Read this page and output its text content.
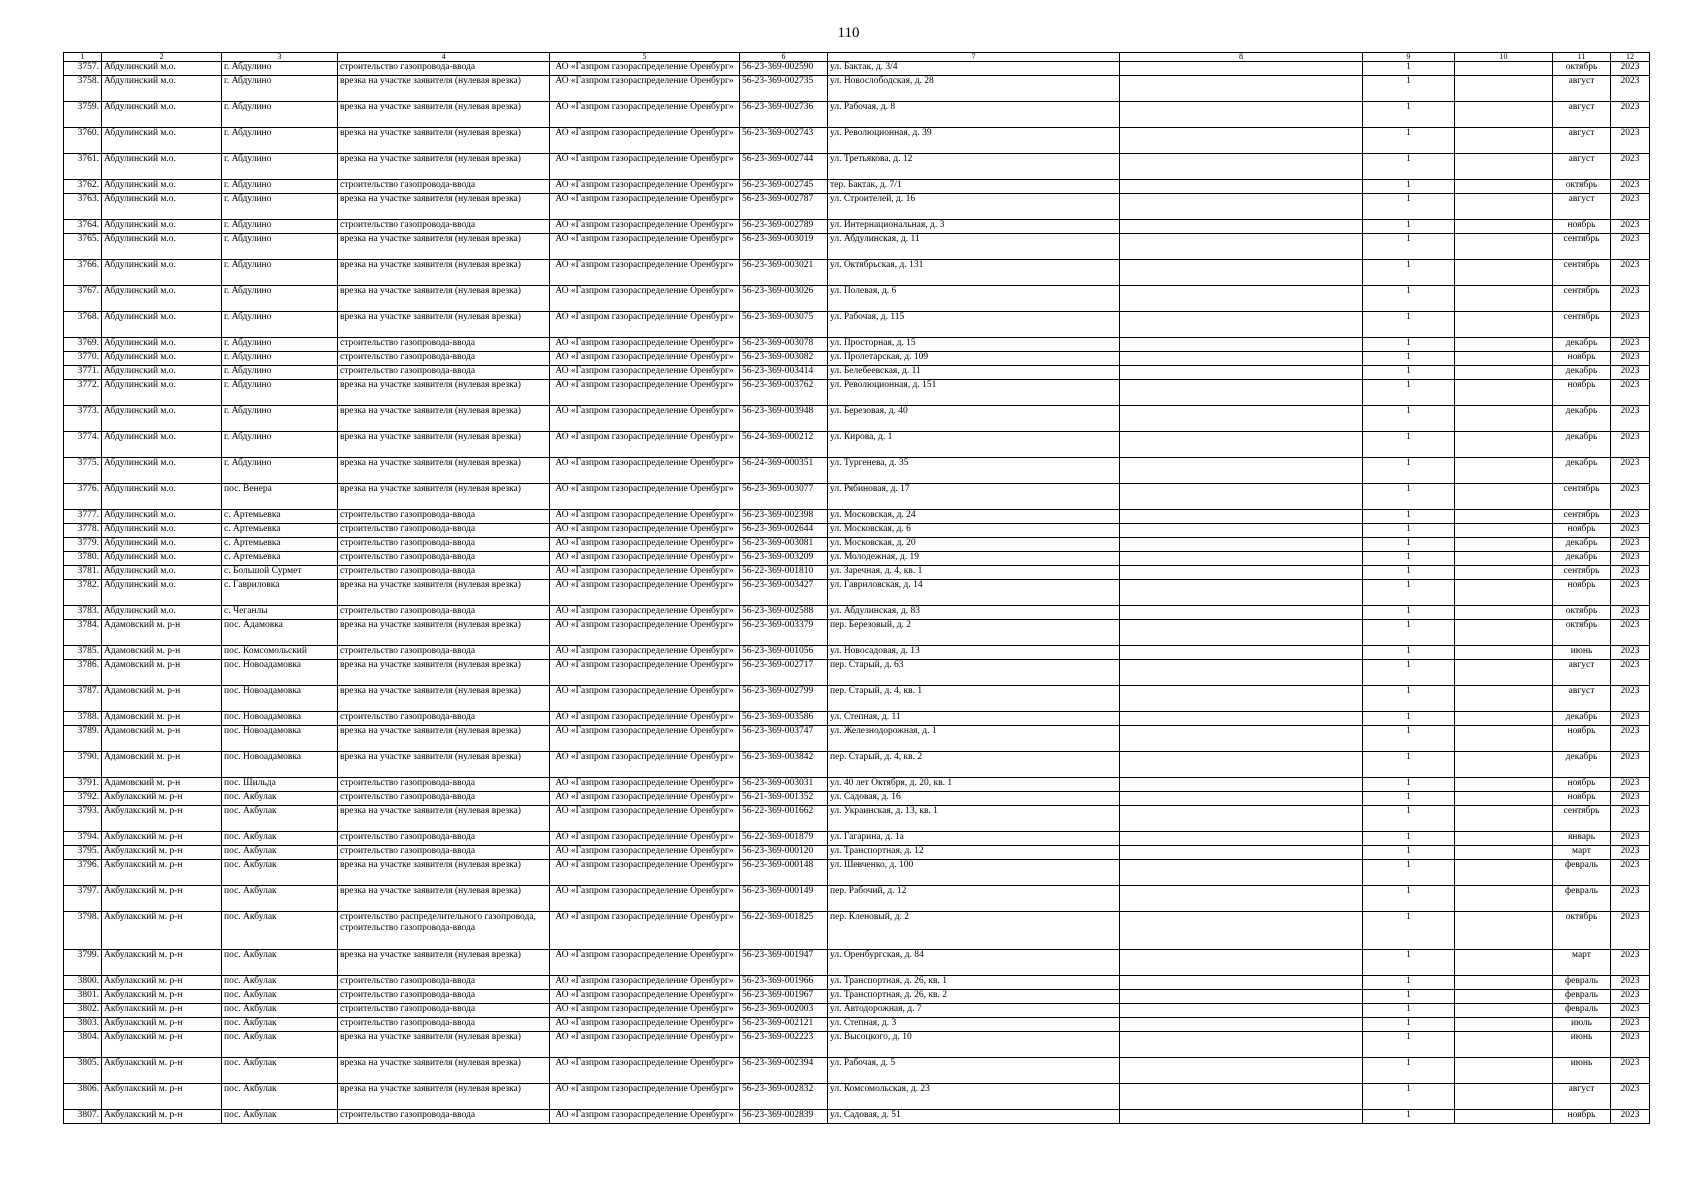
110
1	2	3	4	5	6	7	8	9	10	11	12
3757.	Абдулинский м.о.	г. Абдулино	строительство газопровода-ввода	АО «Газпром газораспределение Оренбург»	56-23-369-002590	ул. Бактак, д. 3/4		1		октябрь	2023
3758.	Абдулинский м.о.	г. Абдулино	врезка на участке заявителя (нулевая врезка)	АО «Газпром газораспределение Оренбург»	56-23-369-002735	ул. Новослободская, д. 28		1		август	2023
3759.	Абдулинский м.о.	г. Абдулино	врезка на участке заявителя (нулевая врезка)	АО «Газпром газораспределение Оренбург»	56-23-369-002736	ул. Рабочая, д. 8		1		август	2023
3760.	Абдулинский м.о.	г. Абдулино	врезка на участке заявителя (нулевая врезка)	АО «Газпром газораспределение Оренбург»	56-23-369-002743	ул. Революционная, д. 39		1		август	2023
3761.	Абдулинский м.о.	г. Абдулино	врезка на участке заявителя (нулевая врезка)	АО «Газпром газораспределение Оренбург»	56-23-369-002744	ул. Третьякова, д. 12		1		август	2023
3762.	Абдулинский м.о.	г. Абдулино	строительство газопровода-ввода	АО «Газпром газораспределение Оренбург»	56-23-369-002745	тер. Бактак, д. 7/1		1		октябрь	2023
3763.	Абдулинский м.о.	г. Абдулино	врезка на участке заявителя (нулевая врезка)	АО «Газпром газораспределение Оренбург»	56-23-369-002787	ул. Строителей, д. 16		1		август	2023
3764.	Абдулинский м.о.	г. Абдулино	строительство газопровода-ввода	АО «Газпром газораспределение Оренбург»	56-23-369-002789	ул. Интернациональная, д. 3		1		ноябрь	2023
3765.	Абдулинский м.о.	г. Абдулино	врезка на участке заявителя (нулевая врезка)	АО «Газпром газораспределение Оренбург»	56-23-369-003019	ул. Абдулинская, д. 11		1		сентябрь	2023
3766.	Абдулинский м.о.	г. Абдулино	врезка на участке заявителя (нулевая врезка)	АО «Газпром газораспределение Оренбург»	56-23-369-003021	ул. Октябрьская, д. 131		1		сентябрь	2023
3767.	Абдулинский м.о.	г. Абдулино	врезка на участке заявителя (нулевая врезка)	АО «Газпром газораспределение Оренбург»	56-23-369-003026	ул. Полевая, д. 6		1		сентябрь	2023
3768.	Абдулинский м.о.	г. Абдулино	врезка на участке заявителя (нулевая врезка)	АО «Газпром газораспределение Оренбург»	56-23-369-003075	ул. Рабочая, д. 115		1		сентябрь	2023
3769.	Абдулинский м.о.	г. Абдулино	строительство газопровода-ввода	АО «Газпром газораспределение Оренбург»	56-23-369-003078	ул. Просторная, д. 15		1		декабрь	2023
3770.	Абдулинский м.о.	г. Абдулино	строительство газопровода-ввода	АО «Газпром газораспределение Оренбург»	56-23-369-003082	ул. Пролетарская, д. 109		1		ноябрь	2023
3771.	Абдулинский м.о.	г. Абдулино	строительство газопровода-ввода	АО «Газпром газораспределение Оренбург»	56-23-369-003414	ул. Белебеевская, д. 11		1		декабрь	2023
3772.	Абдулинский м.о.	г. Абдулино	врезка на участке заявителя (нулевая врезка)	АО «Газпром газораспределение Оренбург»	56-23-369-003762	ул. Революционная, д. 151		1		ноябрь	2023
3773.	Абдулинский м.о.	г. Абдулино	врезка на участке заявителя (нулевая врезка)	АО «Газпром газораспределение Оренбург»	56-23-369-003948	ул. Березовая, д. 40		1		декабрь	2023
3774.	Абдулинский м.о.	г. Абдулино	врезка на участке заявителя (нулевая врезка)	АО «Газпром газораспределение Оренбург»	56-24-369-000212	ул. Кирова, д. 1		1		декабрь	2023
3775.	Абдулинский м.о.	г. Абдулино	врезка на участке заявителя (нулевая врезка)	АО «Газпром газораспределение Оренбург»	56-24-369-000351	ул. Тургенева, д. 35		1		декабрь	2023
3776.	Абдулинский м.о.	пос. Венера	врезка на участке заявителя (нулевая врезка)	АО «Газпром газораспределение Оренбург»	56-23-369-003077	ул. Рябиновая, д. 17		1		сентябрь	2023
3777.	Абдулинский м.о.	с. Артемьевка	строительство газопровода-ввода	АО «Газпром газораспределение Оренбург»	56-23-369-002398	ул. Московская, д. 24		1		сентябрь	2023
3778.	Абдулинский м.о.	с. Артемьевка	строительство газопровода-ввода	АО «Газпром газораспределение Оренбург»	56-23-369-002644	ул. Московская, д. 6		1		ноябрь	2023
3779.	Абдулинский м.о.	с. Артемьевка	строительство газопровода-ввода	АО «Газпром газораспределение Оренбург»	56-23-369-003081	ул. Московская, д. 20		1		декабрь	2023
3780.	Абдулинский м.о.	с. Артемьевка	строительство газопровода-ввода	АО «Газпром газораспределение Оренбург»	56-23-369-003209	ул. Молодежная, д. 19		1		декабрь	2023
3781.	Абдулинский м.о.	с. Большой Сурмет	строительство газопровода-ввода	АО «Газпром газораспределение Оренбург»	56-22-369-001810	ул. Заречная, д. 4, кв. 1		1		сентябрь	2023
3782.	Абдулинский м.о.	с. Гавриловка	врезка на участке заявителя (нулевая врезка)	АО «Газпром газораспределение Оренбург»	56-23-369-003427	ул. Гавриловская, д. 14		1		ноябрь	2023
3783.	Абдулинский м.о.	с. Чеганлы	строительство газопровода-ввода	АО «Газпром газораспределение Оренбург»	56-23-369-002588	ул. Абдулинская, д. 83		1		октябрь	2023
3784.	Адамовский м. р-н	пос. Адамовка	врезка на участке заявителя (нулевая врезка)	АО «Газпром газораспределение Оренбург»	56-23-369-003379	пер. Березовый, д. 2		1		октябрь	2023
3785.	Адамовский м. р-н	пос. Комсомольский	строительство газопровода-ввода	АО «Газпром газораспределение Оренбург»	56-23-369-001056	ул. Новосадовая, д. 13		1		июнь	2023
3786.	Адамовский м. р-н	пос. Новоадамовка	врезка на участке заявителя (нулевая врезка)	АО «Газпром газораспределение Оренбург»	56-23-369-002717	пер. Старый, д. 63		1		август	2023
3787.	Адамовский м. р-н	пос. Новоадамовка	врезка на участке заявителя (нулевая врезка)	АО «Газпром газораспределение Оренбург»	56-23-369-002799	пер. Старый, д. 4, кв. 1		1		август	2023
3788.	Адамовский м. р-н	пос. Новоадамовка	строительство газопровода-ввода	АО «Газпром газораспределение Оренбург»	56-23-369-003586	ул. Степная, д. 11		1		декабрь	2023
3789.	Адамовский м. р-н	пос. Новоадамовка	врезка на участке заявителя (нулевая врезка)	АО «Газпром газораспределение Оренбург»	56-23-369-003747	ул. Железнодорожная, д. 1		1		ноябрь	2023
3790.	Адамовский м. р-н	пос. Новоадамовка	врезка на участке заявителя (нулевая врезка)	АО «Газпром газораспределение Оренбург»	56-23-369-003842	пер. Старый, д. 4, кв. 2		1		декабрь	2023
3791.	Адамовский м. р-н	пос. Шильда	строительство газопровода-ввода	АО «Газпром газораспределение Оренбург»	56-23-369-003031	ул. 40 лет Октября, д. 20, кв. 1		1		ноябрь	2023
3792.	Акбулакский м. р-н	пос. Акбулак	строительство газопровода-ввода	АО «Газпром газораспределение Оренбург»	56-21-369-001352	ул. Садовая, д. 16		1		ноябрь	2023
3793.	Акбулакский м. р-н	пос. Акбулак	врезка на участке заявителя (нулевая врезка)	АО «Газпром газораспределение Оренбург»	56-22-369-001662	ул. Украинская, д. 13, кв. 1		1		сентябрь	2023
3794.	Акбулакский м. р-н	пос. Акбулак	строительство газопровода-ввода	АО «Газпром газораспределение Оренбург»	56-22-369-001879	ул. Гагарина, д. 1а		1		январь	2023
3795.	Акбулакский м. р-н	пос. Акбулак	строительство газопровода-ввода	АО «Газпром газораспределение Оренбург»	56-23-369-000120	ул. Транспортная, д. 12		1		март	2023
3796.	Акбулакский м. р-н	пос. Акбулак	врезка на участке заявителя (нулевая врезка)	АО «Газпром газораспределение Оренбург»	56-23-369-000148	ул. Шевченко, д. 100		1		февраль	2023
3797.	Акбулакский м. р-н	пос. Акбулак	врезка на участке заявителя (нулевая врезка)	АО «Газпром газораспределение Оренбург»	56-23-369-000149	пер. Рабочий, д. 12		1		февраль	2023
3798.	Акбулакский м. р-н	пос. Акбулак	строительство распределительного газопровода, строительство газопровода-ввода	АО «Газпром газораспределение Оренбург»	56-22-369-001825	пер. Кленовый, д. 2		1		октябрь	2023
3799.	Акбулакский м. р-н	пос. Акбулак	врезка на участке заявителя (нулевая врезка)	АО «Газпром газораспределение Оренбург»	56-23-369-001947	ул. Оренбургская, д. 84		1		март	2023
3800.	Акбулакский м. р-н	пос. Акбулак	строительство газопровода-ввода	АО «Газпром газораспределение Оренбург»	56-23-369-001966	ул. Транспортная, д. 26, кв. 1		1		февраль	2023
3801.	Акбулакский м. р-н	пос. Акбулак	строительство газопровода-ввода	АО «Газпром газораспределение Оренбург»	56-23-369-001967	ул. Транспортная, д. 26, кв. 2		1		февраль	2023
3802.	Акбулакский м. р-н	пос. Акбулак	строительство газопровода-ввода	АО «Газпром газораспределение Оренбург»	56-23-369-002003	ул. Автодорожная, д. 7		1		февраль	2023
3803.	Акбулакский м. р-н	пос. Акбулак	строительство газопровода-ввода	АО «Газпром газораспределение Оренбург»	56-23-369-002121	ул. Степная, д. 3		1		июль	2023
3804.	Акбулакский м. р-н	пос. Акбулак	врезка на участке заявителя (нулевая врезка)	АО «Газпром газораспределение Оренбург»	56-23-369-002223	ул. Высоцкого, д. 10		1		июнь	2023
3805.	Акбулакский м. р-н	пос. Акбулак	врезка на участке заявителя (нулевая врезка)	АО «Газпром газораспределение Оренбург»	56-23-369-002394	ул. Рабочая, д. 5		1		июнь	2023
3806.	Акбулакский м. р-н	пос. Акбулак	врезка на участке заявителя (нулевая врезка)	АО «Газпром газораспределение Оренбург»	56-23-369-002832	ул. Комсомольская, д. 23		1		август	2023
3807.	Акбулакский м. р-н	пос. Акбулак	строительство газопровода-ввода	АО «Газпром газораспределение Оренбург»	56-23-369-002839	ул. Садовая, д. 51		1		ноябрь	2023
